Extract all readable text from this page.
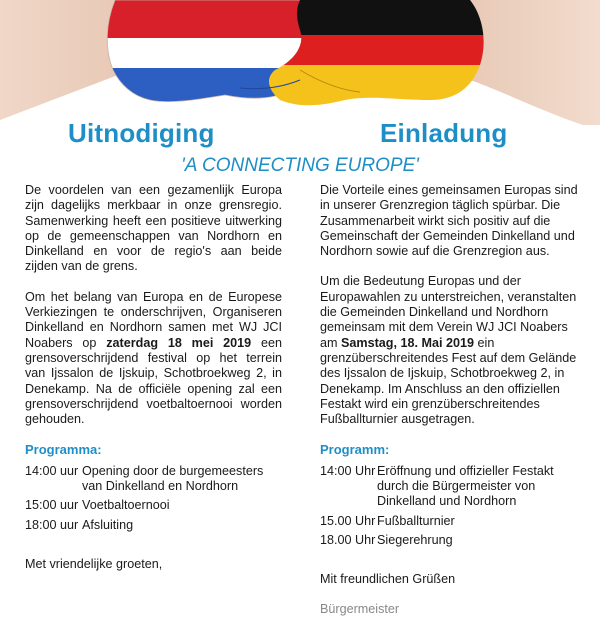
Uitnodiging	Einladung
'A CONNECTING EUROPE'

De voordelen van een gezamenlijk Europa zijn dagelijks merkbaar in onze grensregio. Samenwerking heeft een positieve uitwerking op de gemeenschappen van Nordhorn en Dinkelland en voor de regio's aan beide zijden van de grens.

Om het belang van Europa en de Europese Verkiezingen te onderschrijven, Organiseren Dinkelland en Nordhorn samen met WJ JCI Noabers op zaterdag 18 mei 2019 een grensoverschrijdend festival op het terrein van Ijssalon de Ijskuip, Schotbroekweg 2, in Denekamp. Na de officiële opening zal een grensoverschrijdend voetbaltoernooi worden gehouden.

Programma:
14:00 uur Opening door de burgemeesters van Dinkelland en Nordhorn
15:00 uur Voetbaltoernooi
18:00 uur Afsluiting
Met vriendelijke groeten,

Die Vorteile eines gemeinsamen Europas sind in unserer Grenzregion täglich spürbar. Die Zusammenarbeit wirkt sich positiv auf die Gemeinschaft der Gemeinden Dinkelland und Nordhorn sowie auf die Grenzregion aus.

Um die Bedeutung Europas und der Europawahlen zu unterstreichen, veranstalten die Gemeinden Dinkelland und Nordhorn gemeinsam mit dem Verein WJ JCI Noabers am Samstag, 18. Mai 2019 ein grenzüberschreitendes Fest auf dem Gelände des Ijssalon de Ijskuip, Schotbroekweg 2, in Denekamp. Im Anschluss an den offiziellen Festakt wird ein grenzüberschreitendes Fußballturnier ausgetragen.

Programm:
14:00 Uhr Eröffnung und offizieller Festakt durch die Bürgermeister von Dinkelland und Nordhorn
15.00 Uhr Fußballturnier
18.00 Uhr Siegerehrung
Mit freundlichen Grüßen
Bürgermeister
